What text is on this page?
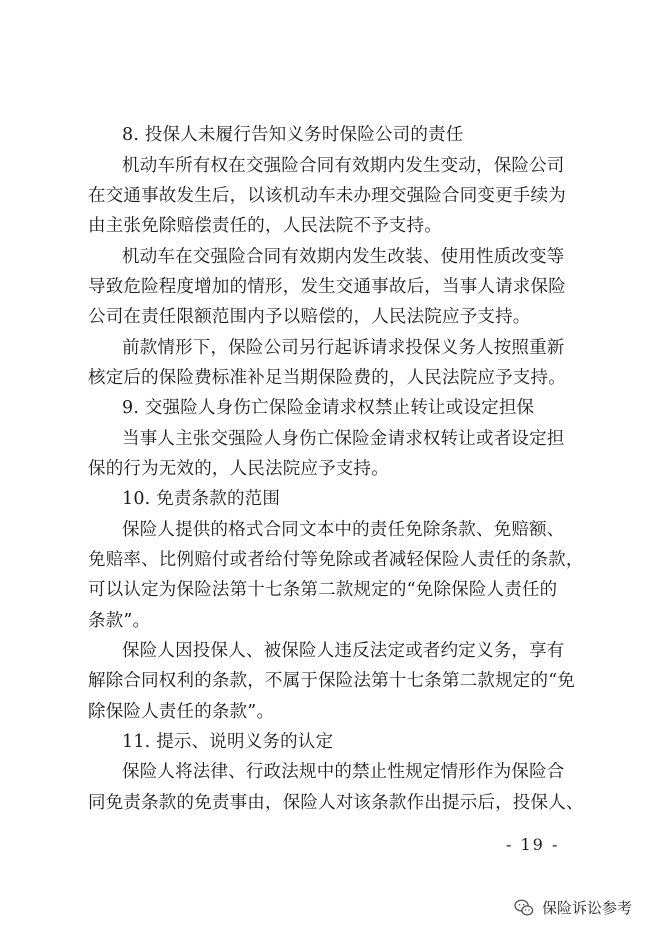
8. 投保人未履行告知义务时保险公司的责任
机动车所有权在交强险合同有效期内发生变动，保险公司
在交通事故发生后，以该机动车未办理交强险合同变更手续为
由主张免除赔偿责任的，人民法院不予支持。
机动车在交强险合同有效期内发生改装、使用性质改变等
导致危险程度增加的情形，发生交通事故后，当事人请求保险
公司在责任限额范围内予以赔偿的，人民法院应予支持。
前款情形下，保险公司另行起诉请求投保义务人按照重新
核定后的保险费标准补足当期保险费的，人民法院应予支持。
9. 交强险人身伤亡保险金请求权禁止转让或设定担保
当事人主张交强险人身伤亡保险金请求权转让或者设定担
保的行为无效的，人民法院应予支持。
10. 免责条款的范围
保险人提供的格式合同文本中的责任免除条款、免赔额、
免赔率、比例赔付或者给付等免除或者减轻保险人责任的条款，
可以认定为保险法第十七条第二款规定的“免除保险人责任的
条款”。
保险人因投保人、被保险人违反法定或者约定义务，享有
解除合同权利的条款，不属于保险法第十七条第二款规定的“免
除保险人责任的条款”。
11. 提示、说明义务的认定
保险人将法律、行政法规中的禁止性规定情形作为保险合
同免责条款的免责事由，保险人对该条款作出提示后，投保人、
- 19 -
保险诉讼参考
